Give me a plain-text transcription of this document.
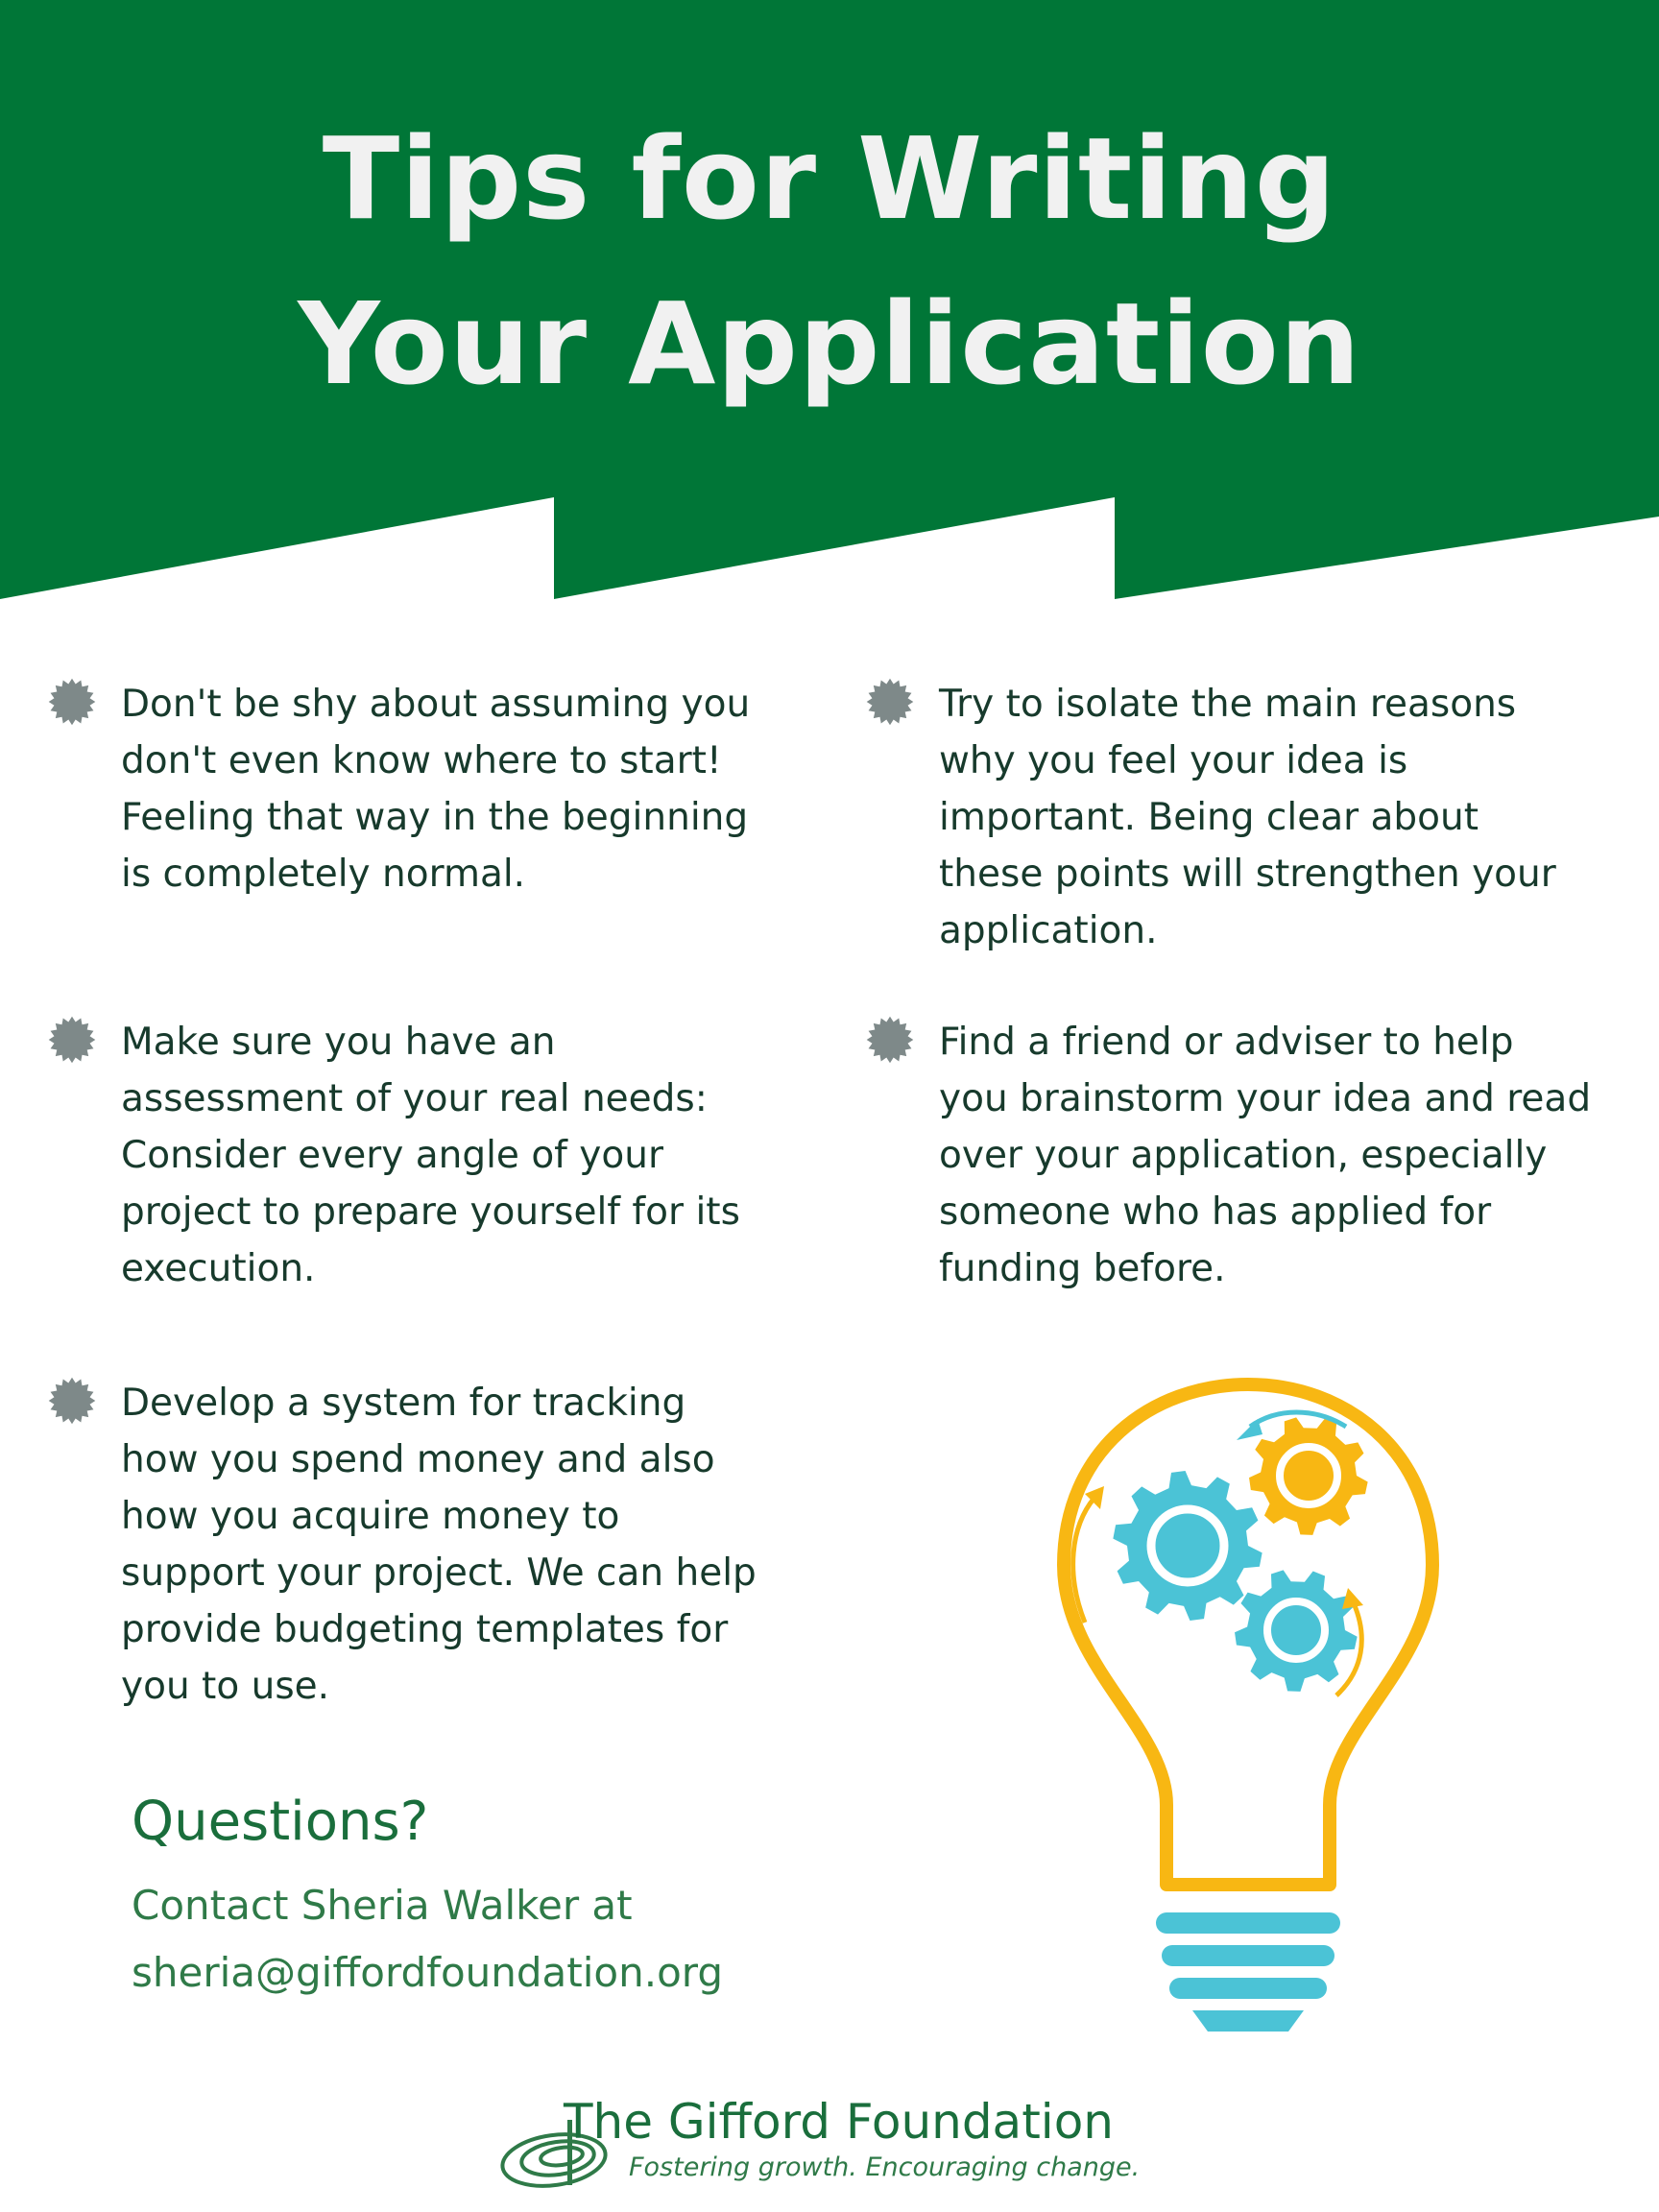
Tips for Writing
Your Application

Don't be shy about assuming you don't even know where to start! Feeling that way in the beginning is completely normal.

Make sure you have an assessment of your real needs: Consider every angle of your project to prepare yourself for its execution.

Develop a system for tracking how you spend money and also how you acquire money to support your project. We can help provide budgeting templates for you to use.

Try to isolate the main reasons why you feel your idea is important. Being clear about these points will strengthen your application.

Find a friend or adviser to help you brainstorm your idea and read over your application, especially someone who has applied for funding before.

Questions?

Contact Sheria Walker at

sheria@giffordfoundation.org

The Gifford Foundation

Fostering growth. Encouraging change.
